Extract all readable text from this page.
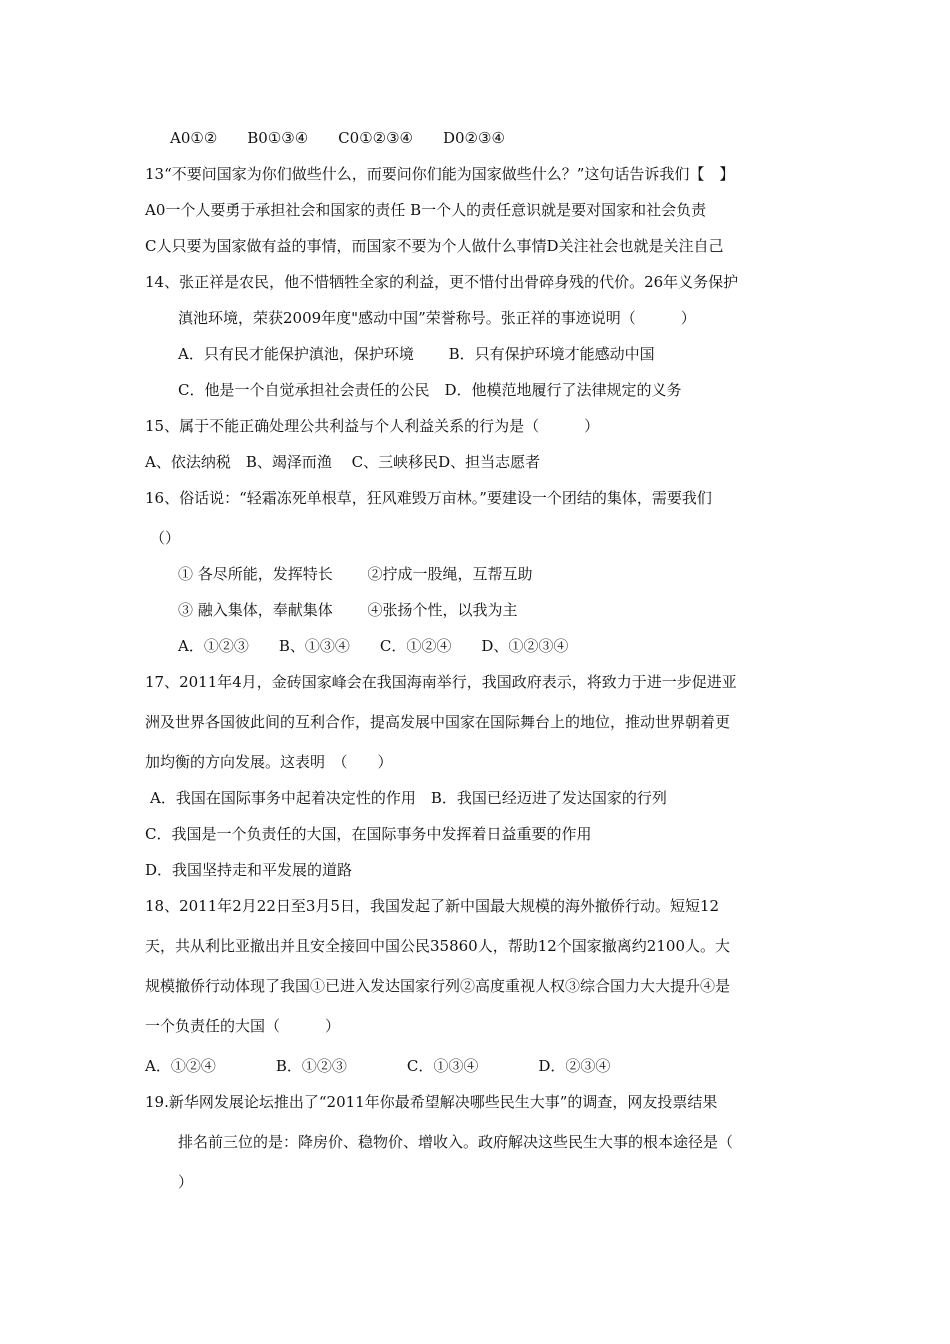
A0①②　　B0①③④　　C0①②③④　　D0②③④
13“不要问国家为你们做些什么，而要问你们能为国家做些什么？”这句话告诉我们【　】
A0一个人要勇于承担社会和国家的责任 B一个人的责任意识就是要对国家和社会负责
C人只要为国家做有益的事情，而国家不要为个人做什么事情D关注社会也就是关注自己
14、张正祥是农民，他不惜牺牲全家的利益，更不惜付出骨碎身残的代价。26年义务保护
滇池环境，荣获2009年度"感动中国”荣誉称号。张正祥的事迹说明（　　　）
A．只有民才能保护滇池，保护环境　　 B．只有保护环境才能感动中国
C．他是一个自觉承担社会责任的公民　D．他模范地履行了法律规定的义务
15、属于不能正确处理公共利益与个人利益关系的行为是（　　　）
A、依法纳税　B、竭泽而渔　 C、三峡移民D、担当志愿者
16、俗话说：“轻霜冻死单根草，狂风难毁万亩林。”要建设一个团结的集体，需要我们
（）
① 各尽所能，发挥特长　　 ②拧成一股绳，互帮互助
③ 融入集体，奉献集体　　 ④张扬个性，以我为主
A．①②③　　B、①③④　　C．①②④　　D、①②③④
17、2011年4月，金砖国家峰会在我国海南举行，我国政府表示，将致力于进一步促进亚
洲及世界各国彼此间的互利合作，提高发展中国家在国际舞台上的地位，推动世界朝着更
加均衡的方向发展。这表明　（　　）
A．我国在国际事务中起着决定性的作用　B．我国已经迈进了发达国家的行列
C．我国是一个负责任的大国，在国际事务中发挥着日益重要的作用
D．我国坚持走和平发展的道路
18、2011年2月22日至3月5日，我国发起了新中国最大规模的海外撤侨行动。短短12
天，共从利比亚撤出并且安全接回中国公民35860人，帮助12个国家撤离约2100人。大
规模撤侨行动体现了我国①已进入发达国家行列②高度重视人权③综合国力大大提升④是
一个负责任的大国（　　　）
A．①②④　　　　B．①②③　　　　C．①③④　　　　D．②③④
19.新华网发展论坛推出了“2011年你最希望解决哪些民生大事”的调查，网友投票结果
排名前三位的是：降房价、稳物价、增收入。政府解决这些民生大事的根本途径是（
）
